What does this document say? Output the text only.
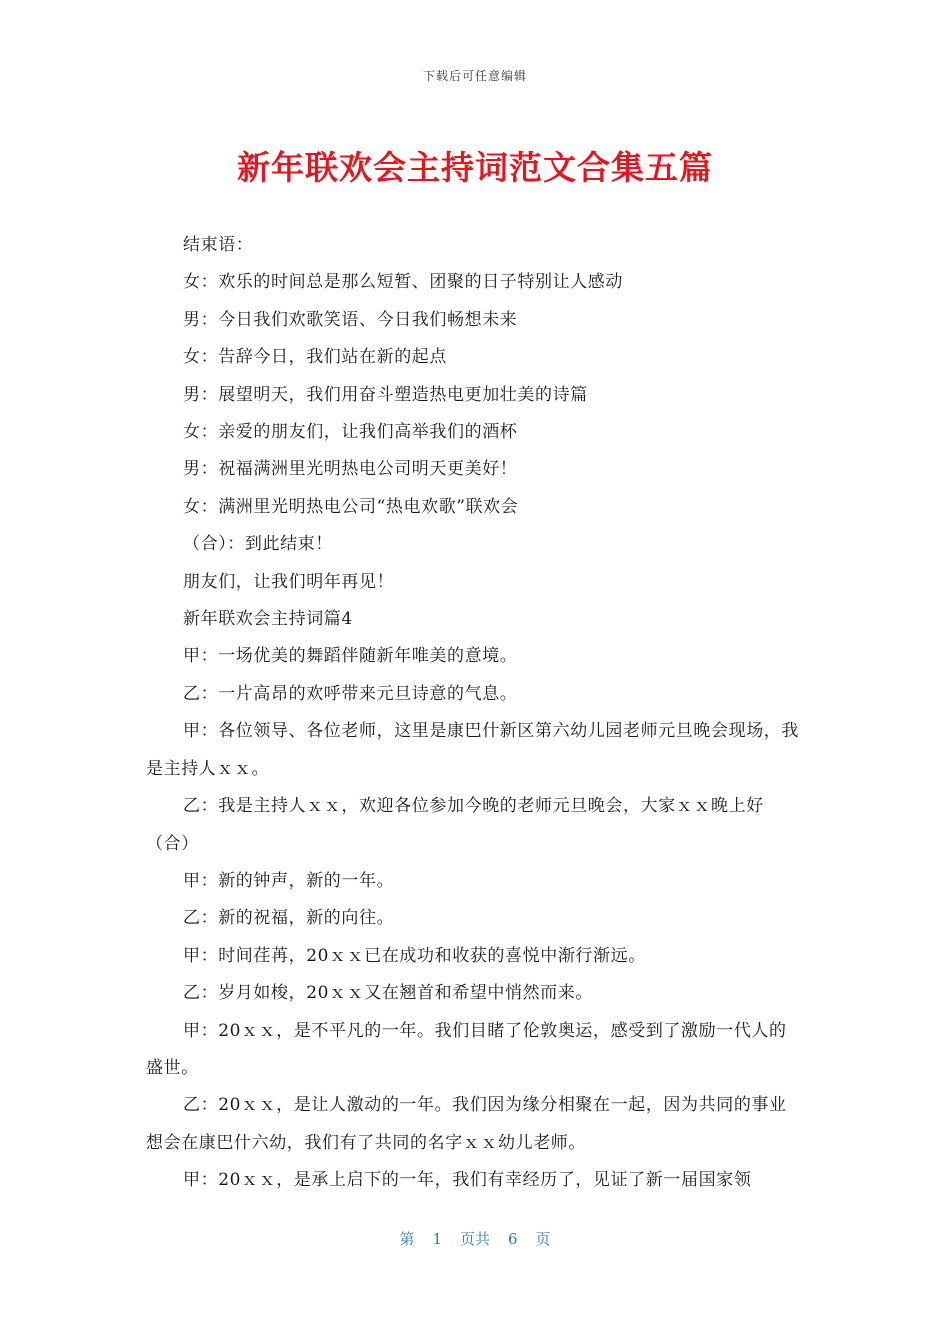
下载后可任意编辑
新年联欢会主持词范文合集五篇

结束语：

女：欢乐的时间总是那么短暂、团聚的日子特别让人感动

男：今日我们欢歌笑语、今日我们畅想未来

女：告辞今日，我们站在新的起点

男：展望明天，我们用奋斗塑造热电更加壮美的诗篇

女：亲爱的朋友们，让我们高举我们的酒杯

男：祝福满洲里光明热电公司明天更美好！

女：满洲里光明热电公司“热电欢歌”联欢会

（合）：到此结束！

朋友们，让我们明年再见！

新年联欢会主持词篇4

甲：一场优美的舞蹈伴随新年唯美的意境。

乙：一片高昂的欢呼带来元旦诗意的气息。

甲：各位领导、各位老师，这里是康巴什新区第六幼儿园老师元旦晚会现场，我是主持人ｘｘ。

乙：我是主持人ｘｘ，欢迎各位参加今晚的老师元旦晚会，大家ｘｘ晚上好（合）

甲：新的钟声，新的一年。

乙：新的祝福，新的向往。

甲：时间荏苒，20ｘｘ已在成功和收获的喜悦中渐行渐远。

乙：岁月如梭，20ｘｘ又在翘首和希望中悄然而来。

甲：20ｘｘ，是不平凡的一年。我们目睹了伦敦奥运，感受到了激励一代人的盛世。

乙：20ｘｘ，是让人激动的一年。我们因为缘分相聚在一起，因为共同的事业想会在康巴什六幼，我们有了共同的名字ｘｘ幼儿老师。

甲：20ｘｘ，是承上启下的一年，我们有幸经历了，见证了新一届国家领

第 1 页共 6 页
